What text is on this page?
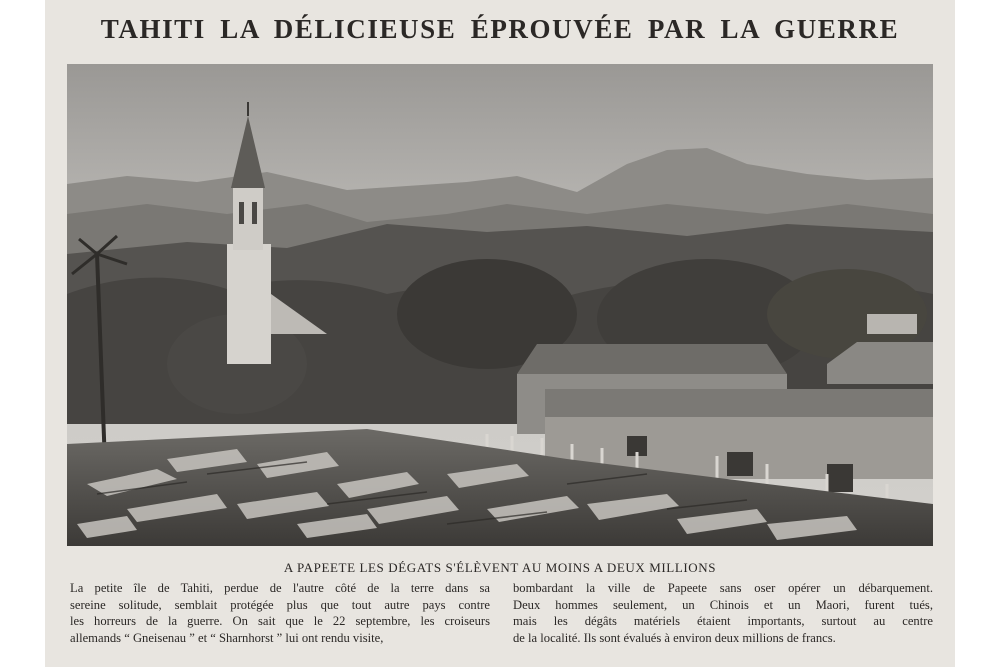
TAHITI LA DÉLICIEUSE ÉPROUVÉE PAR LA GUERRE
A PAPEETE LES DÉGATS S'ÉLÈVENT AU MOINS A DEUX MILLIONS
La petite île de Tahiti, perdue de l'autre côté de la terre dans sa
sereine solitude, semblait protégée plus que tout autre pays contre
les horreurs de la guerre. On sait que le 22 septembre, les croiseurs
allemands “ Gneisenau ” et “ Sharnhorst ” lui ont rendu visite,
bombardant la ville de Papeete sans oser opérer un débarquement.
Deux hommes seulement, un Chinois et un Maori, furent tués,
mais les dégâts matériels étaient importants, surtout au centre
de la localité. Ils sont évalués à environ deux millions de francs.
